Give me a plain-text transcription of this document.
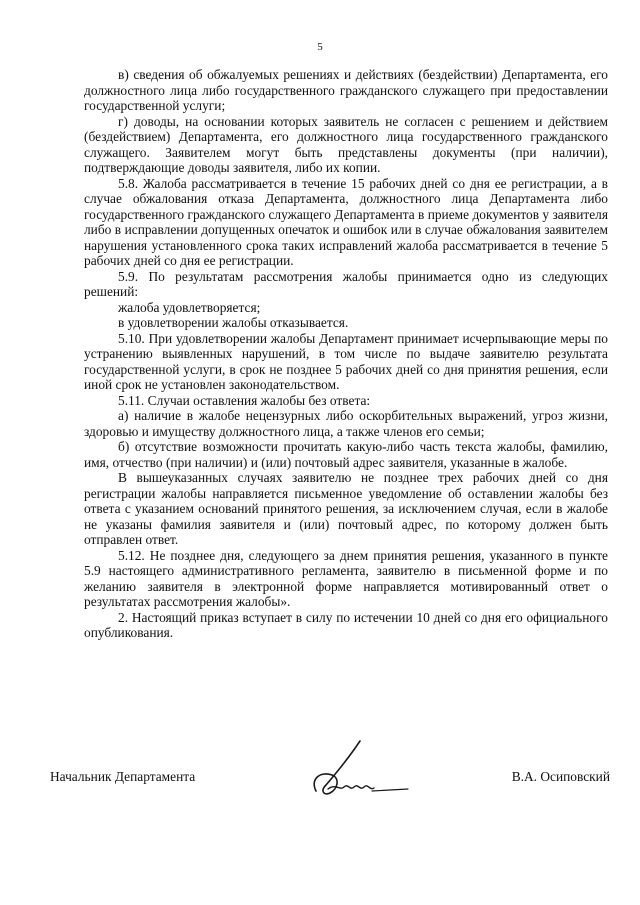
5

в) сведения об обжалуемых решениях и действиях (бездействии) Департамента, его должностного лица либо государственного гражданского служащего при предоставлении государственной услуги;

г) доводы, на основании которых заявитель не согласен с решением и действием (бездействием) Департамента, его должностного лица государственного гражданского служащего. Заявителем могут быть представлены документы (при наличии), подтверждающие доводы заявителя, либо их копии.

5.8. Жалоба рассматривается в течение 15 рабочих дней со дня ее регистрации, а в случае обжалования отказа Департамента, должностного лица Департамента либо государственного гражданского служащего Департамента в приеме документов у заявителя либо в исправлении допущенных опечаток и ошибок или в случае обжалования заявителем нарушения установленного срока таких исправлений жалоба рассматривается в течение 5 рабочих дней со дня ее регистрации.

5.9. По результатам рассмотрения жалобы принимается одно из следующих решений:

жалоба удовлетворяется;

в удовлетворении жалобы отказывается.

5.10. При удовлетворении жалобы Департамент принимает исчерпывающие меры по устранению выявленных нарушений, в том числе по выдаче заявителю результата государственной услуги, в срок не позднее 5 рабочих дней со дня принятия решения, если иной срок не установлен законодательством.

5.11. Случаи оставления жалобы без ответа:

а) наличие в жалобе нецензурных либо оскорбительных выражений, угроз жизни, здоровью и имуществу должностного лица, а также членов его семьи;

б) отсутствие возможности прочитать какую-либо часть текста жалобы, фамилию, имя, отчество (при наличии) и (или) почтовый адрес заявителя, указанные в жалобе.

В вышеуказанных случаях заявителю не позднее трех рабочих дней со дня регистрации жалобы направляется письменное уведомление об оставлении жалобы без ответа с указанием оснований принятого решения, за исключением случая, если в жалобе не указаны фамилия заявителя и (или) почтовый адрес, по которому должен быть отправлен ответ.

5.12. Не позднее дня, следующего за днем принятия решения, указанного в пункте 5.9 настоящего административного регламента, заявителю в письменной форме и по желанию заявителя в электронной форме направляется мотивированный ответ о результатах рассмотрения жалобы».

2. Настоящий приказ вступает в силу по истечении 10 дней со дня его официального опубликования.

Начальник Департамента	В.А. Осиповский
